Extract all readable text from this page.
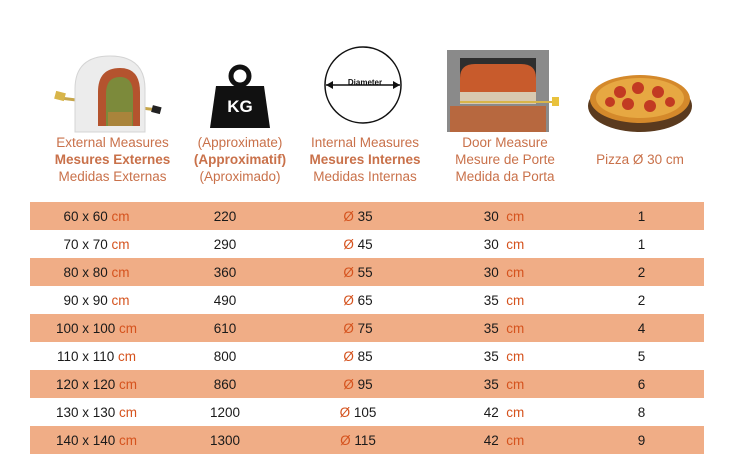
External Measures
Mesures Externes
Medidas Externas
KG
(Approximate)
(Approximatif)
(Aproximado)
Diameter
Internal Measures
Mesures Internes
Medidas Internas
Door Measure
Mesure de Porte
Medida da Porta
Pizza Ø 30 cm
60 x 60 cm	220	Ø 35	30 cm	1
70 x 70 cm	290	Ø 45	30 cm	1
80 x 80 cm	360	Ø 55	30 cm	2
90 x 90 cm	490	Ø 65	35 cm	2
100 x 100 cm	610	Ø 75	35 cm	4
110 x 110 cm	800	Ø 85	35 cm	5
120 x 120 cm	860	Ø 95	35 cm	6
130 x 130 cm	1200	Ø 105	42 cm	8
140 x 140 cm	1300	Ø 115	42 cm	9
